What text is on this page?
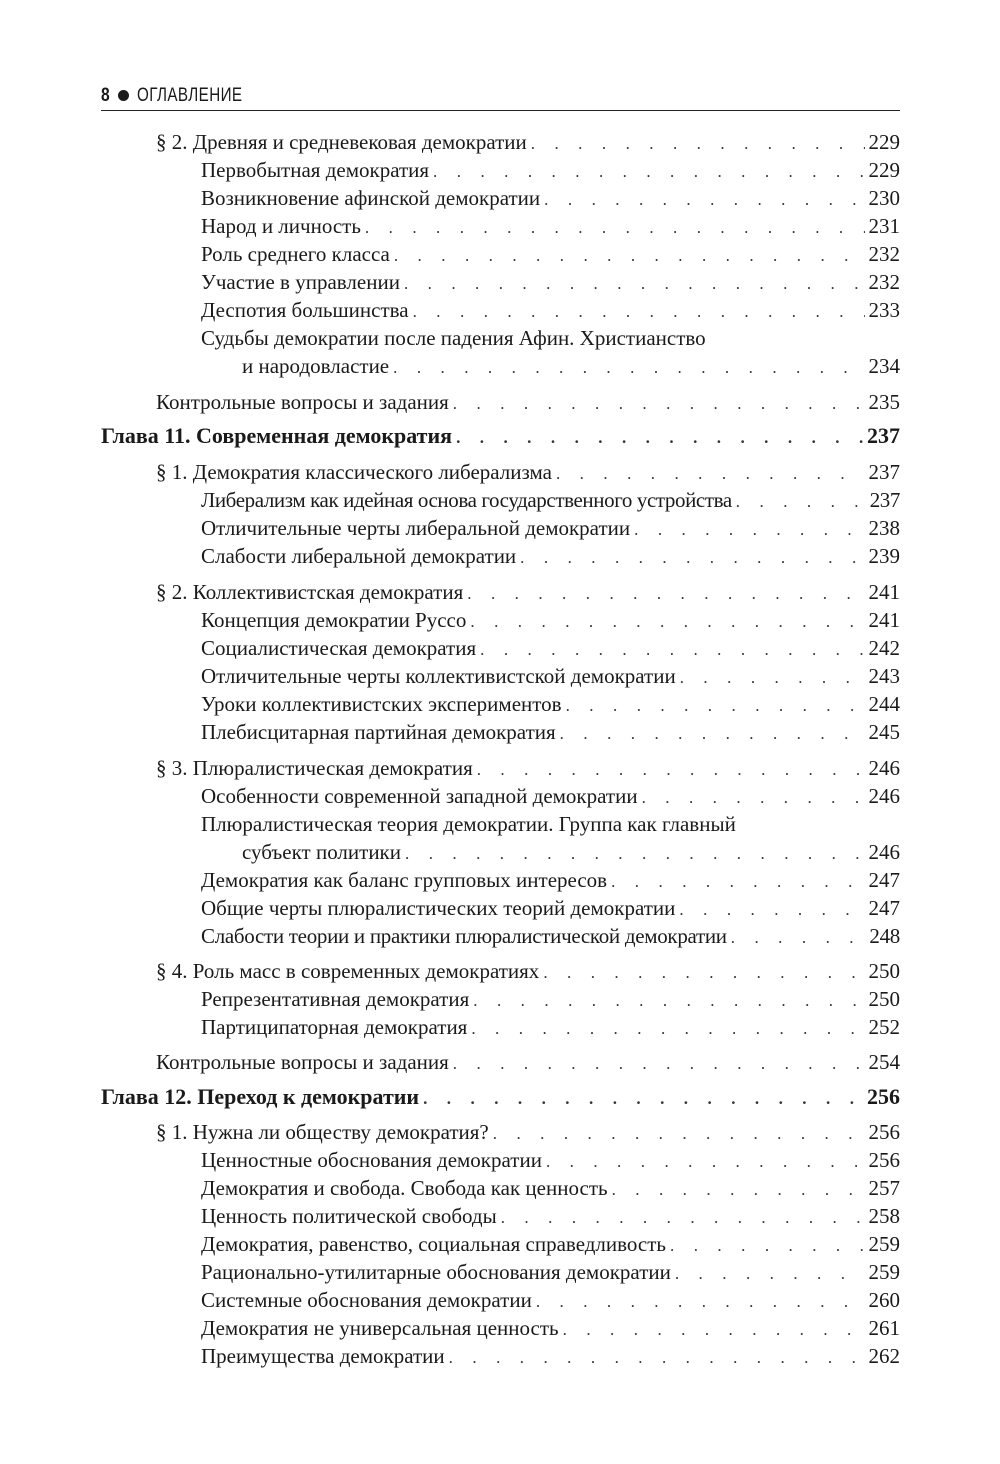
8 ОГЛАВЛЕНИЕ
§ 2. Древняя и средневековая демократии . . .	229
Первобытная демократия . . .	229
Возникновение афинской демократии . . .	230
Народ и личность . . .	231
Роль среднего класса . . .	232
Участие в управлении . . .	232
Деспотия большинства . . .	233
Судьбы демократии после падения Афин. Христианство
и народовластие . . .	234
Контрольные вопросы и задания . . .	235
Глава 11. Современная демократия . . .	237
§ 1. Демократия классического либерализма . . .	237
Либерализм как идейная основа государственного устройства . . .	237
Отличительные черты либеральной демократии . . .	238
Слабости либеральной демократии . . .	239
§ 2. Коллективистская демократия . . .	241
Концепция демократии Руссо . . .	241
Социалистическая демократия . . .	242
Отличительные черты коллективистской демократии . . .	243
Уроки коллективистских экспериментов . . .	244
Плебисцитарная партийная демократия . . .	245
§ 3. Плюралистическая демократия . . .	246
Особенности современной западной демократии . . .	246
Плюралистическая теория демократии. Группа как главный
субъект политики . . .	246
Демократия как баланс групповых интересов . . .	247
Общие черты плюралистических теорий демократии . . .	247
Слабости теории и практики плюралистической демократии . . .	248
§ 4. Роль масс в современных демократиях . . .	250
Репрезентативная демократия . . .	250
Партиципаторная демократия . . .	252
Контрольные вопросы и задания . . .	254
Глава 12. Переход к демократии . . .	256
§ 1. Нужна ли обществу демократия? . . .	256
Ценностные обоснования демократии . . .	256
Демократия и свобода. Свобода как ценность . . .	257
Ценность политической свободы . . .	258
Демократия, равенство, социальная справедливость . . .	259
Рационально-утилитарные обоснования демократии . . .	259
Системные обоснования демократии . . .	260
Демократия не универсальная ценность . . .	261
Преимущества демократии . . .	262
